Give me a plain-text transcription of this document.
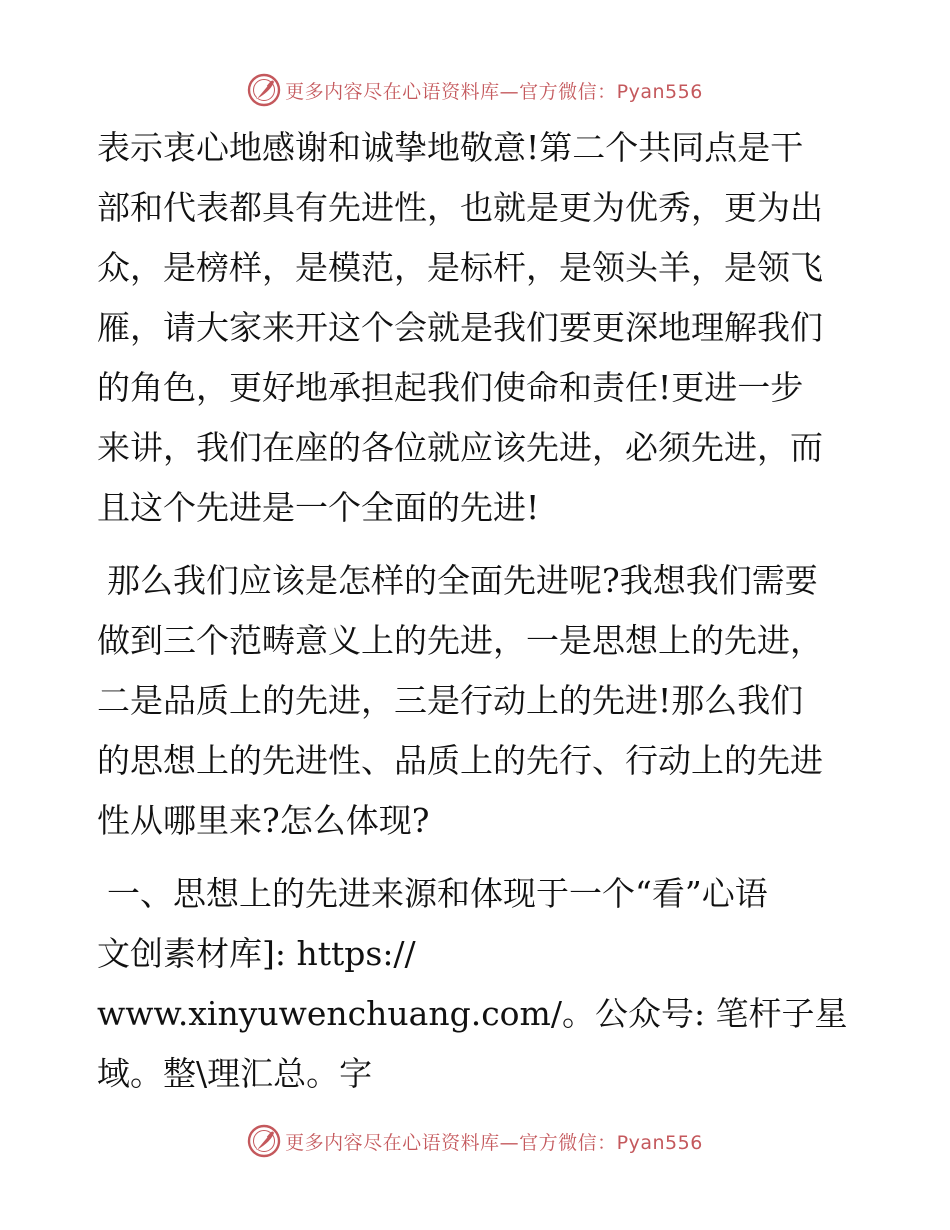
更多内容尽在心语资料库—官方微信：Pyan556

表示衷心地感谢和诚挚地敬意!第二个共同点是干
部和代表都具有先进性，也就是更为优秀，更为出
众，是榜样，是模范，是标杆，是领头羊，是领飞
雁，请大家来开这个会就是我们要更深地理解我们
的角色，更好地承担起我们使命和责任!更进一步
来讲，我们在座的各位就应该先进，必须先进，而
且这个先进是一个全面的先进!

那么我们应该是怎样的全面先进呢?我想我们需要
做到三个范畴意义上的先进，一是思想上的先进，
二是品质上的先进，三是行动上的先进!那么我们
的思想上的先进性、品质上的先行、行动上的先进
性从哪里来?怎么体现?

一、思想上的先进来源和体现于一个“看”心语
文创素材库]: https://
www.xinyuwenchuang.com/。公众号: 笔杆子星
域。整\理汇总。字

更多内容尽在心语资料库—官方微信：Pyan556
